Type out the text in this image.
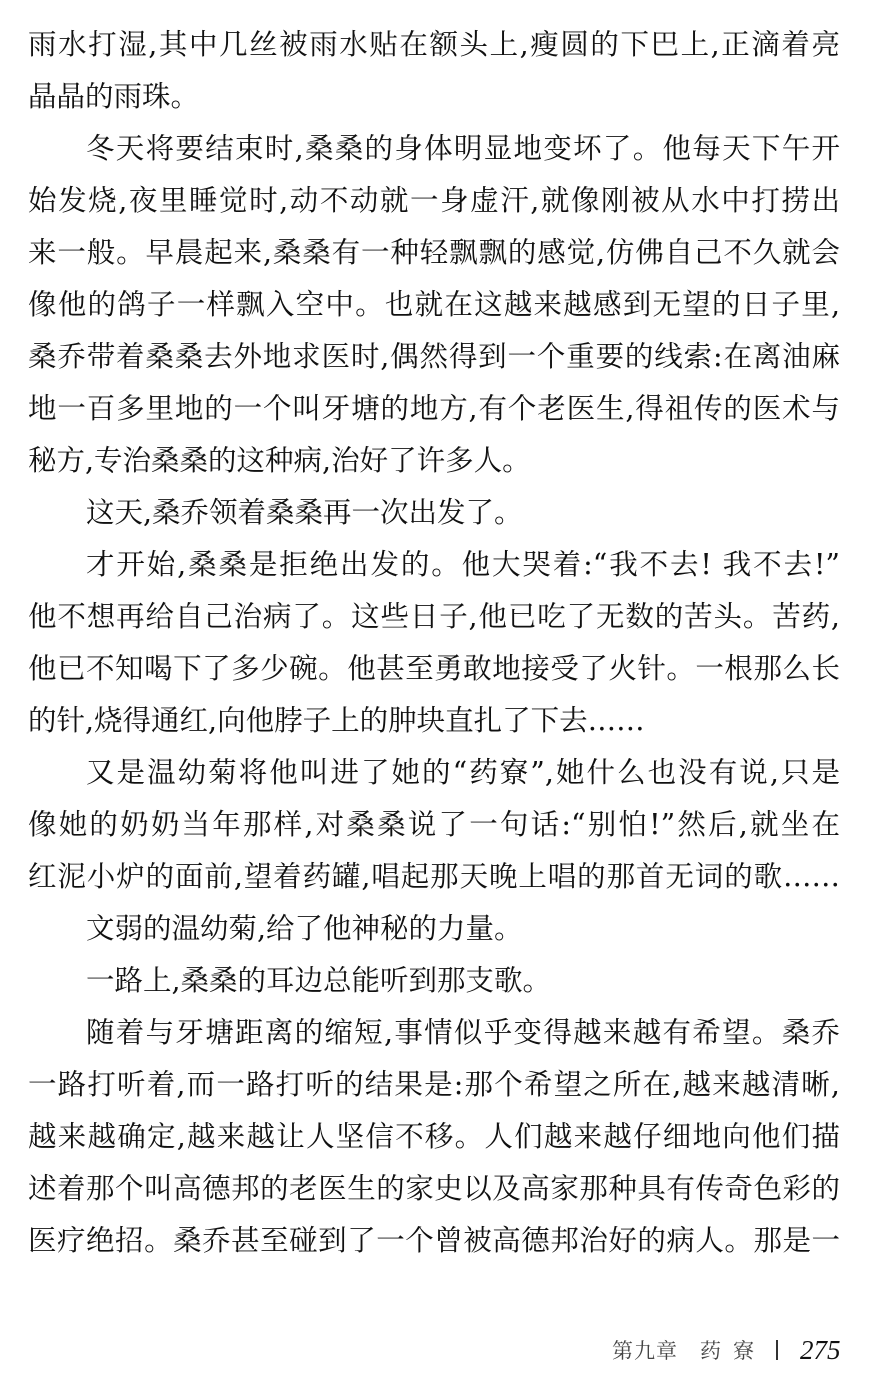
雨水打湿,其中几丝被雨水贴在额头上,瘦圆的下巴上,正滴着亮
晶晶的雨珠。
冬天将要结束时,桑桑的身体明显地变坏了。他每天下午开
始发烧,夜里睡觉时,动不动就一身虚汗,就像刚被从水中打捞出
来一般。早晨起来,桑桑有一种轻飘飘的感觉,仿佛自己不久就会
像他的鸽子一样飘入空中。也就在这越来越感到无望的日子里,
桑乔带着桑桑去外地求医时,偶然得到一个重要的线索:在离油麻
地一百多里地的一个叫牙塘的地方,有个老医生,得祖传的医术与
秘方,专治桑桑的这种病,治好了许多人。
这天,桑乔领着桑桑再一次出发了。
才开始,桑桑是拒绝出发的。他大哭着:“我不去! 我不去!”
他不想再给自己治病了。这些日子,他已吃了无数的苦头。苦药,
他已不知喝下了多少碗。他甚至勇敢地接受了火针。一根那么长
的针,烧得通红,向他脖子上的肿块直扎了下去……
又是温幼菊将他叫进了她的“药寮”,她什么也没有说,只是
像她的奶奶当年那样,对桑桑说了一句话:“别怕!”然后,就坐在
红泥小炉的面前,望着药罐,唱起那天晚上唱的那首无词的歌……
文弱的温幼菊,给了他神秘的力量。
一路上,桑桑的耳边总能听到那支歌。
随着与牙塘距离的缩短,事情似乎变得越来越有希望。桑乔
一路打听着,而一路打听的结果是:那个希望之所在,越来越清晰,
越来越确定,越来越让人坚信不移。人们越来越仔细地向他们描
述着那个叫高德邦的老医生的家史以及高家那种具有传奇色彩的
医疗绝招。桑乔甚至碰到了一个曾被高德邦治好的病人。那是一
第九章 药寮 275
